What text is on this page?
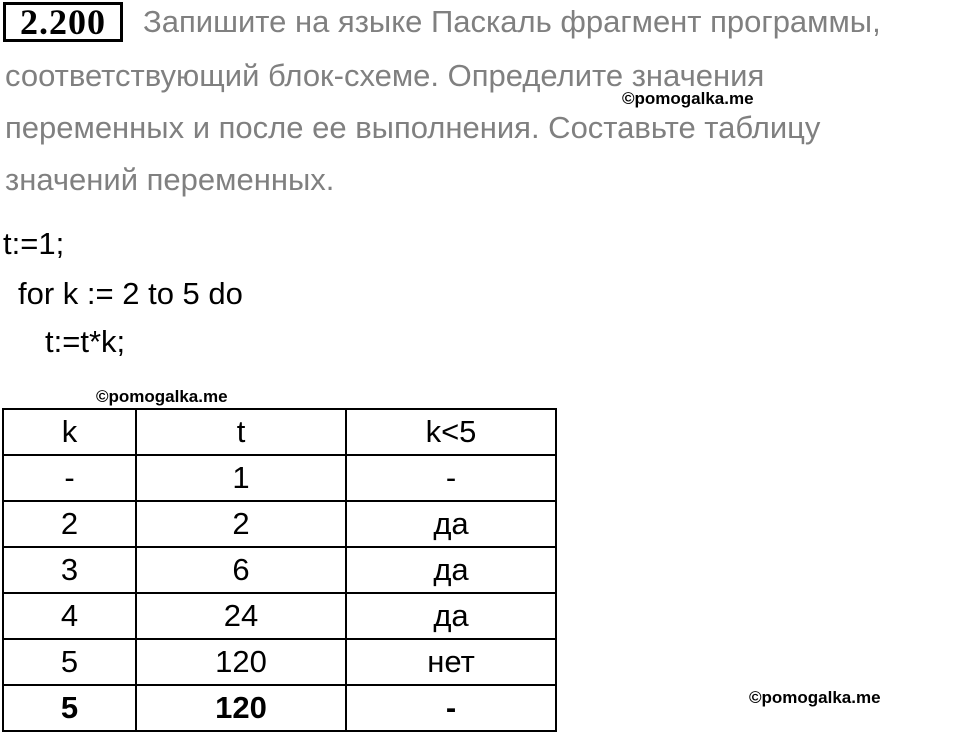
2.200	Запишите на языке Паскаль фрагмент программы,
соответствующий блок-схеме. Определите значения
переменных и после ее выполнения. Составьте таблицу
значений переменных.
©pomogalka.me
t:=1;
for k := 2 to 5 do
t:=t*k;
©pomogalka.me
k	t	k<5
-	1	-
2	2	да
3	6	да
4	24	да
5	120	нет
5	120	-	©pomogalka.me
